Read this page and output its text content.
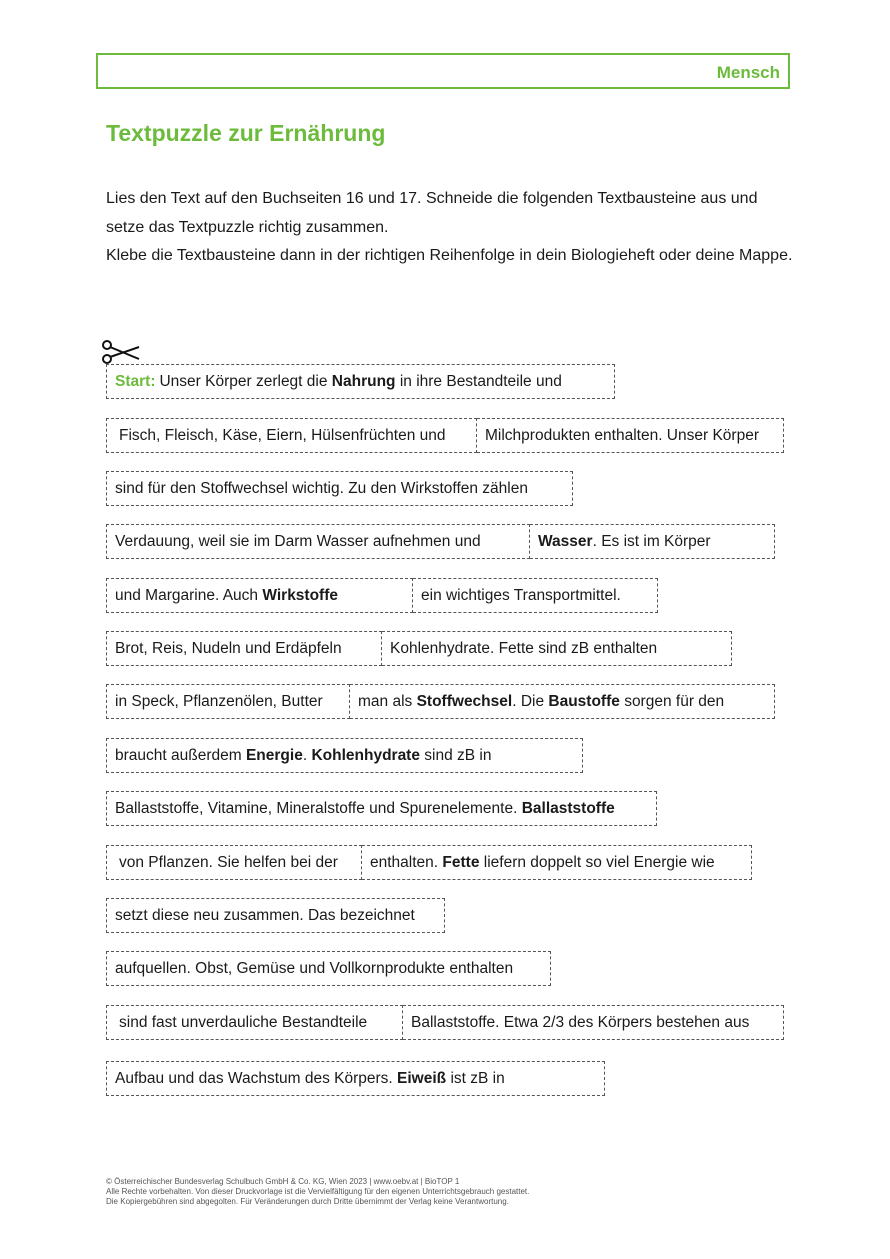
Mensch
Textpuzzle zur Ernährung

Lies den Text auf den Buchseiten 16 und 17. Schneide die folgenden Textbausteine aus und setze das Textpuzzle richtig zusammen.

Klebe die Textbausteine dann in der richtigen Reihenfolge in dein Biologieheft oder deine Mappe.

Start: Unser Körper zerlegt die
Nahrung
in ihre Bestandteile und
Fisch, Fleisch, Käse, Eiern, Hülsenfrüchten und	Milchprodukten enthalten. Unser Körper
sind für den Stoffwechsel wichtig. Zu den Wirkstoffen zählen
Verdauung, weil sie im Darm Wasser aufnehmen und	Wasser . Es ist im Körper
und Margarine. Auch
Wirkstoffe	ein wichtiges Transportmittel.
Brot, Reis, Nudeln und Erdäpfeln	Kohlenhydrate. Fette sind zB enthalten
in Speck, Pflanzenölen, Butter man als
Stoffwechsel . Die
Baustoffe
sorgen für den
braucht außerdem
Energie .
Kohlenhydrate
sind zB in
Ballaststoffe, Vitamine, Mineralstoffe und Spurenelemente.
Ballaststoffe
von Pflanzen. Sie helfen bei der enthalten.
Fette
liefern doppelt so viel Energie wie
setzt diese neu zusammen. Das bezeichnet
aufquellen. Obst, Gemüse und Vollkornprodukte enthalten
sind fast unverdauliche Bestandteile	Ballaststoffe. Etwa 2/3 des Körpers bestehen aus
Aufbau und das Wachstum des Körpers.
Eiweiß
ist zB in
© Österreichischer Bundesverlag Schulbuch GmbH & Co. KG, Wien 2023 | www.oebv.at | BioTOP 1
Alle Rechte vorbehalten. Von dieser Druckvorlage ist die Vervielfältigung für den eigenen Unterrichtsgebrauch gestattet.
Die Kopiergebühren sind abgegolten. Für Veränderungen durch Dritte übernimmt der Verlag keine Verantwortung.
